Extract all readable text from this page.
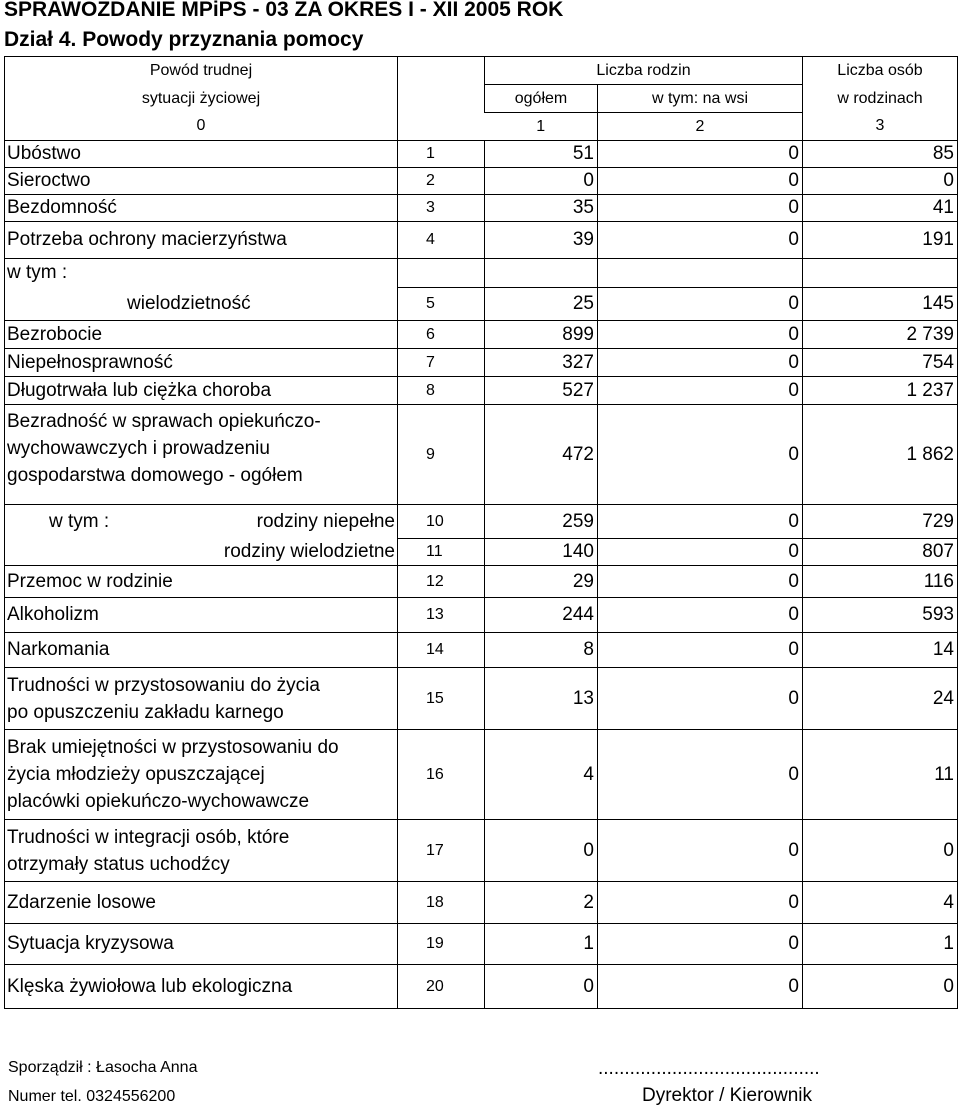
SPRAWOZDANIE MPiPS - 03 ZA OKRES I - XII 2005 ROK
Dział 4. Powody przyznania pomocy
Powód trudnej		Liczba rodzin		Liczba osób
sytuacji życiowej		ogółem	w tym: na wsi	w rodzinach
0		1	2	3
Ubóstwo	1	51	0	85
Sieroctwo	2	0	0	0
Bezdomność	3	35	0	41
Potrzeba ochrony macierzyństwa	4	39	0	191
w tym :				
wielodzietność	5	25	0	145
Bezrobocie	6	899	0	2 739
Niepełnosprawność	7	327	0	754
Długotrwała lub ciężka choroba	8	527	0	1 237

Bezradność w sprawach opiekuńczo-
wychowawczych i prowadzeniu
gospodarstwa domowego - ogółem	9	472	0	1 862
w tym : rodziny niepełne	10	259	0	729
rodziny wielodzietne	11	140	0	807
Przemoc w rodzinie	12	29	0	116
Alkoholizm	13	244	0	593
Narkomania	14	8	0	14

Trudności w przystosowaniu do życia
po opuszczeniu zakładu karnego	15	13	0	24

Brak umiejętności w przystosowaniu do
życia młodzieży opuszczającej
placówki opiekuńczo-wychowawcze	16	4	0	11

Trudności w integracji osób, które
otrzymały status uchodźcy	17	0	0	0
Zdarzenie losowe	18	2	0	4
Sytuacja kryzysowa	19	1	0	1
Klęska żywiołowa lub ekologiczna	20	0	0	0
Sporządził : Łasocha Anna
Numer tel. 0324556200
..........................................
Dyrektor / Kierownik
